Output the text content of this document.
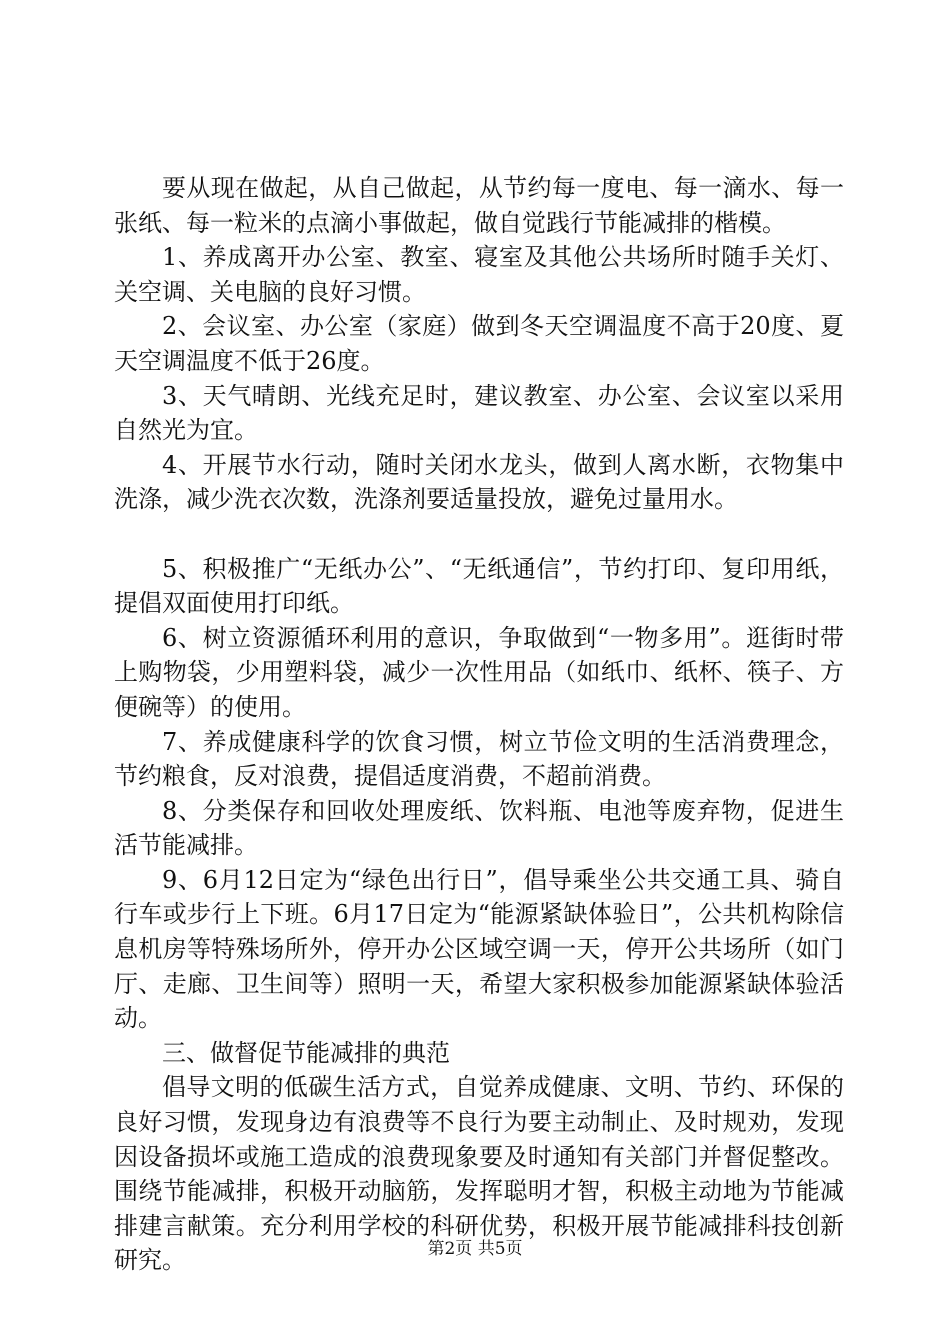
要从现在做起，从自己做起，从节约每一度电、每一滴水、每一张纸、每一粒米的点滴小事做起，做自觉践行节能减排的楷模。

1、养成离开办公室、教室、寝室及其他公共场所时随手关灯、关空调、关电脑的良好习惯。

2、会议室、办公室（家庭）做到冬天空调温度不高于20度、夏天空调温度不低于26度。

3、天气晴朗、光线充足时，建议教室、办公室、会议室以采用自然光为宜。

4、开展节水行动，随时关闭水龙头，做到人离水断，衣物集中洗涤，减少洗衣次数，洗涤剂要适量投放，避免过量用水。

5、积极推广“无纸办公”、“无纸通信”，节约打印、复印用纸，提倡双面使用打印纸。

6、树立资源循环利用的意识，争取做到“一物多用”。逛街时带上购物袋，少用塑料袋，减少一次性用品（如纸巾、纸杯、筷子、方便碗等）的使用。

7、养成健康科学的饮食习惯，树立节俭文明的生活消费理念，节约粮食，反对浪费，提倡适度消费，不超前消费。

8、分类保存和回收处理废纸、饮料瓶、电池等废弃物，促进生活节能减排。

9、6月12日定为“绿色出行日”，倡导乘坐公共交通工具、骑自行车或步行上下班。6月17日定为“能源紧缺体验日”，公共机构除信息机房等特殊场所外，停开办公区域空调一天，停开公共场所（如门厅、走廊、卫生间等）照明一天，希望大家积极参加能源紧缺体验活动。

三、做督促节能减排的典范

倡导文明的低碳生活方式，自觉养成健康、文明、节约、环保的良好习惯，发现身边有浪费等不良行为要主动制止、及时规劝，发现因设备损坏或施工造成的浪费现象要及时通知有关部门并督促整改。围绕节能减排，积极开动脑筋，发挥聪明才智，积极主动地为节能减排建言献策。充分利用学校的科研优势，积极开展节能减排科技创新研究。	第2页 共5页
